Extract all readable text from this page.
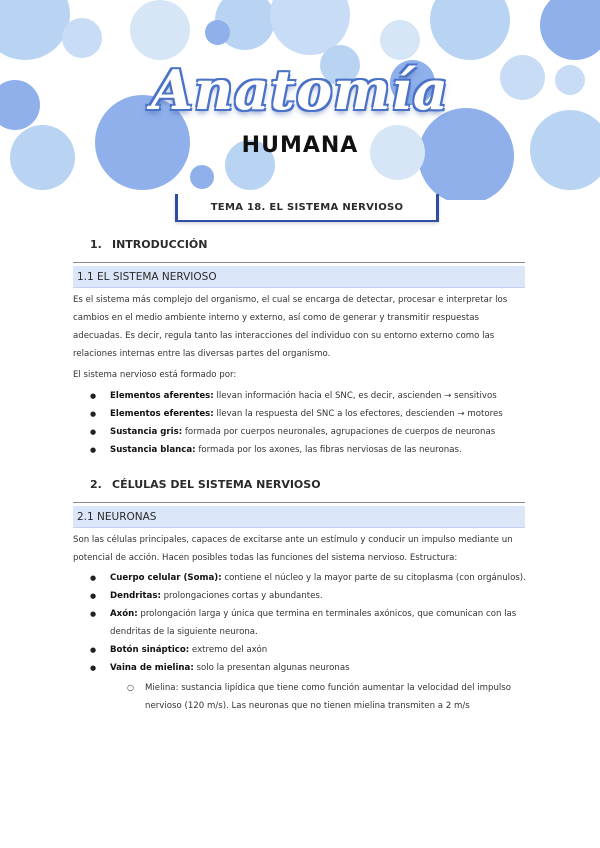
Anatomía
HUMANA
TEMA 18. EL SISTEMA NERVIOSO
1. INTRODUCCIÓN
1.1 EL SISTEMA NERVIOSO
Es el sistema más complejo del organismo, el cual se encarga de detectar, procesar e interpretar los cambios en el medio ambiente interno y externo, así como de generar y transmitir respuestas adecuadas. Es decir, regula tanto las interacciones del individuo con su entorno externo como las relaciones internas entre las diversas partes del organismo.
El sistema nervioso está formado por:
● Elementos aferentes: llevan información hacia el SNC, es decir, ascienden → sensitivos
● Elementos eferentes: llevan la respuesta del SNC a los efectores, descienden → motores
● Sustancia gris: formada por cuerpos neuronales, agrupaciones de cuerpos de neuronas
● Sustancia blanca: formada por los axones, las fibras nerviosas de las neuronas.
2. CÉLULAS DEL SISTEMA NERVIOSO
2.1 NEURONAS
Son las células principales, capaces de excitarse ante un estímulo y conducir un impulso mediante un potencial de acción. Hacen posibles todas las funciones del sistema nervioso. Estructura:
● Cuerpo celular (Soma): contiene el núcleo y la mayor parte de su citoplasma (con orgánulos).
● Dendritas: prolongaciones cortas y abundantes.
● Axón: prolongación larga y única que termina en terminales axónicos, que comunican con las dendritas de la siguiente neurona.
● Botón sináptico: extremo del axón
● Vaina de mielina: solo la presentan algunas neuronas
○ Mielina: sustancia lipídica que tiene como función aumentar la velocidad del impulso nervioso (120 m/s). Las neuronas que no tienen mielina transmiten a 2 m/s
